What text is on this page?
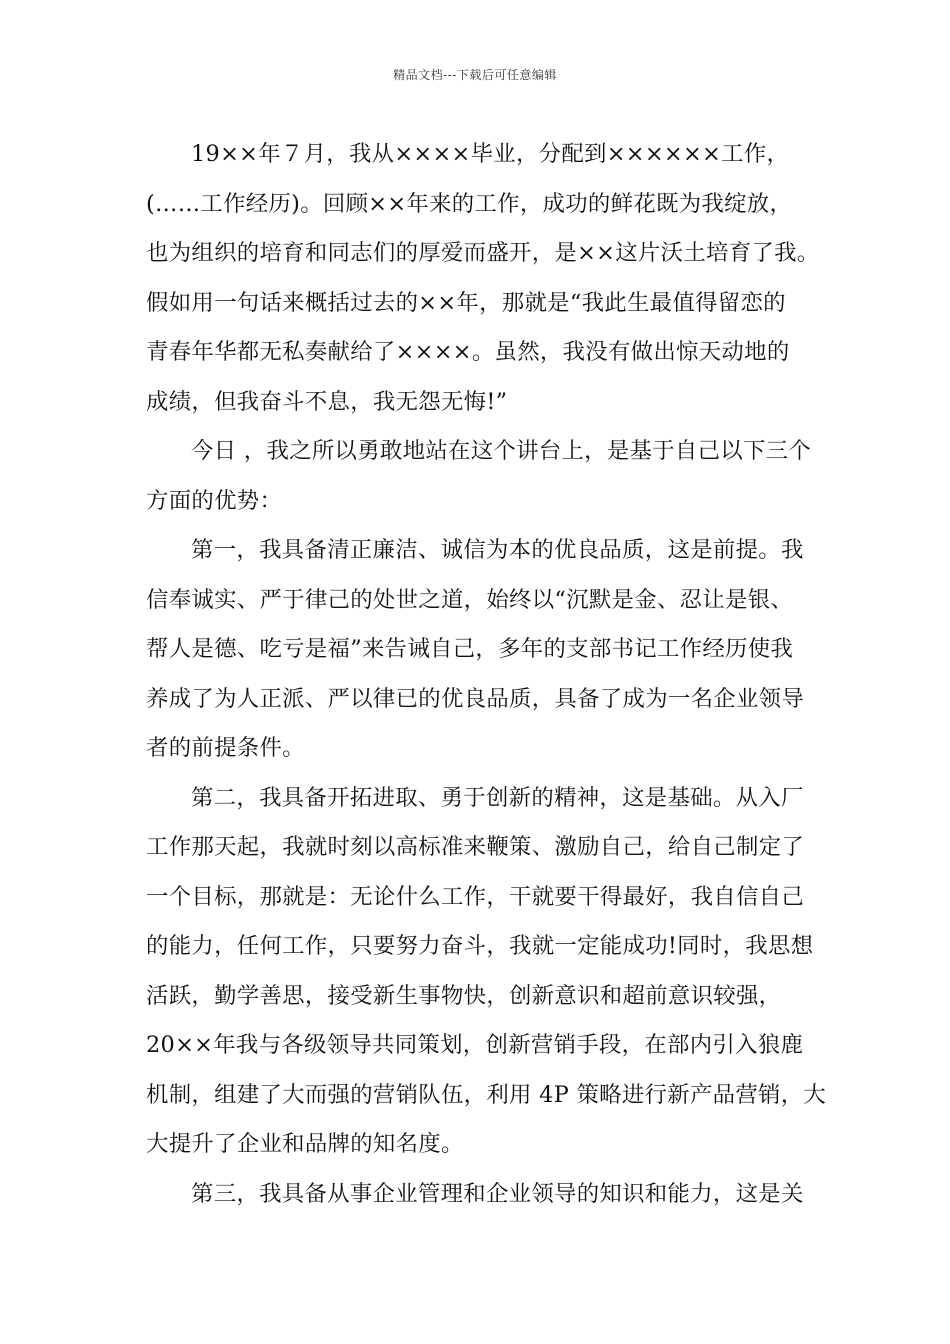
精品文档---下载后可任意编辑
19××年７月，我从××××毕业，分配到××××××工作，
(……工作经历)。回顾××年来的工作，成功的鲜花既为我绽放，
也为组织的培育和同志们的厚爱而盛开，是××这片沃土培育了我。
假如用一句话来概括过去的××年，那就是“我此生最值得留恋的
青春年华都无私奏献给了××××。虽然，我没有做出惊天动地的
成绩，但我奋斗不息，我无怨无悔!”
今日 ，我之所以勇敢地站在这个讲台上，是基于自己以下三个
方面的优势：
第一，我具备清正廉洁、诚信为本的优良品质，这是前提。我
信奉诚实、严于律己的处世之道，始终以“沉默是金、忍让是银、
帮人是德、吃亏是福”来告诫自己，多年的支部书记工作经历使我
养成了为人正派、严以律已的优良品质，具备了成为一名企业领导
者的前提条件。
第二，我具备开拓进取、勇于创新的精神，这是基础。从入厂
工作那天起，我就时刻以高标准来鞭策、激励自己，给自己制定了
一个目标，那就是：无论什么工作，干就要干得最好，我自信自己
的能力，任何工作，只要努力奋斗，我就一定能成功!同时，我思想
活跃，勤学善思，接受新生事物快，创新意识和超前意识较强，
20××年我与各级领导共同策划，创新营销手段，在部内引入狼鹿
机制，组建了大而强的营销队伍，利用 4P 策略进行新产品营销，大
大提升了企业和品牌的知名度。
第三，我具备从事企业管理和企业领导的知识和能力，这是关
